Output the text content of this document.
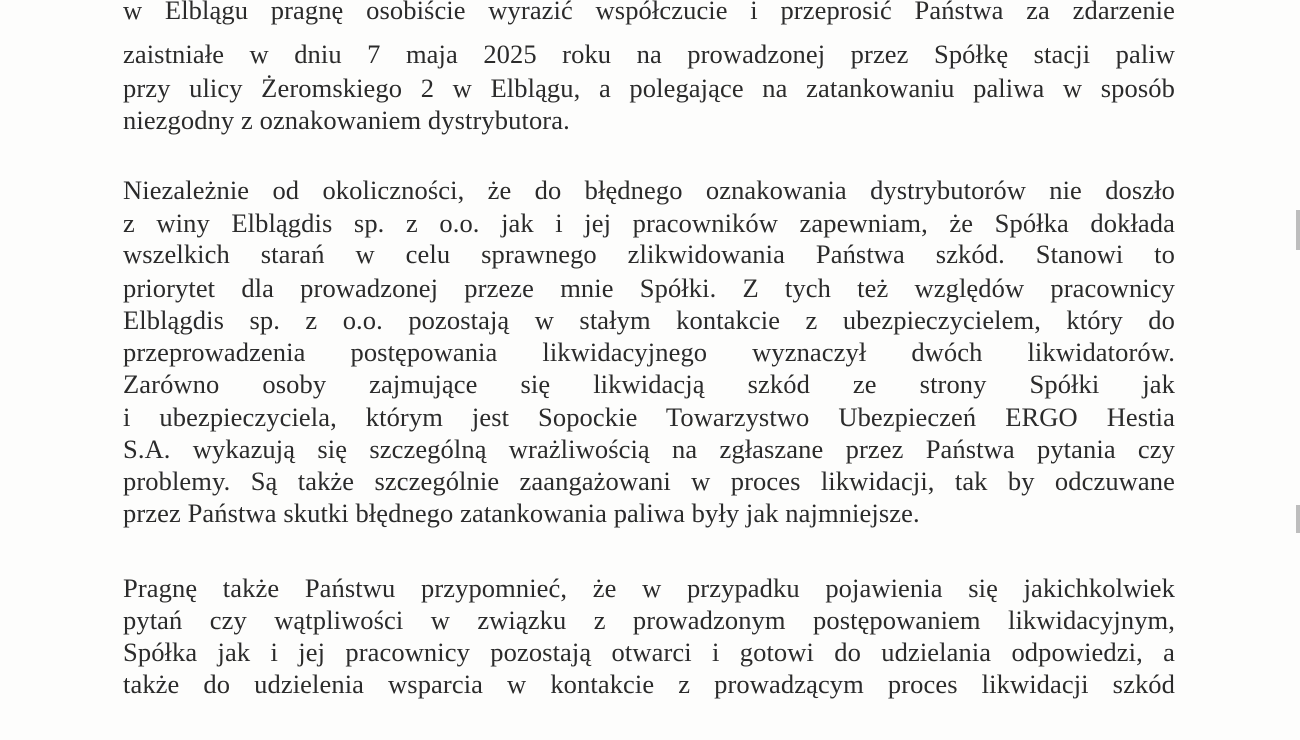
w Elblągu pragnę osobiście wyrazić współczucie i przeprosić Państwa za zdarzenie
zaistniałe w dniu 7 maja 2025 roku na prowadzonej przez Spółkę stacji paliw
przy ulicy Żeromskiego 2 w Elblągu, a polegające na zatankowaniu paliwa w sposób
niezgodny z oznakowaniem dystrybutora.
Niezależnie od okoliczności, że do błędnego oznakowania dystrybutorów nie doszło
z winy Elblągdis sp. z o.o. jak i jej pracowników zapewniam, że Spółka dokłada
wszelkich starań w celu sprawnego zlikwidowania Państwa szkód. Stanowi to
priorytet dla prowadzonej przeze mnie Spółki. Z tych też względów pracownicy
Elblągdis sp. z o.o. pozostają w stałym kontakcie z ubezpieczycielem, który do
przeprowadzenia postępowania likwidacyjnego wyznaczył dwóch likwidatorów.
Zarówno osoby zajmujące się likwidacją szkód ze strony Spółki jak
i ubezpieczyciela, którym jest Sopockie Towarzystwo Ubezpieczeń ERGO Hestia
S.A. wykazują się szczególną wrażliwością na zgłaszane przez Państwa pytania czy
problemy. Są także szczególnie zaangażowani w proces likwidacji, tak by odczuwane
przez Państwa skutki błędnego zatankowania paliwa były jak najmniejsze.
Pragnę także Państwu przypomnieć, że w przypadku pojawienia się jakichkolwiek
pytań czy wątpliwości w związku z prowadzonym postępowaniem likwidacyjnym,
Spółka jak i jej pracownicy pozostają otwarci i gotowi do udzielania odpowiedzi, a
także do udzielenia wsparcia w kontakcie z prowadzącym proces likwidacji szkód
